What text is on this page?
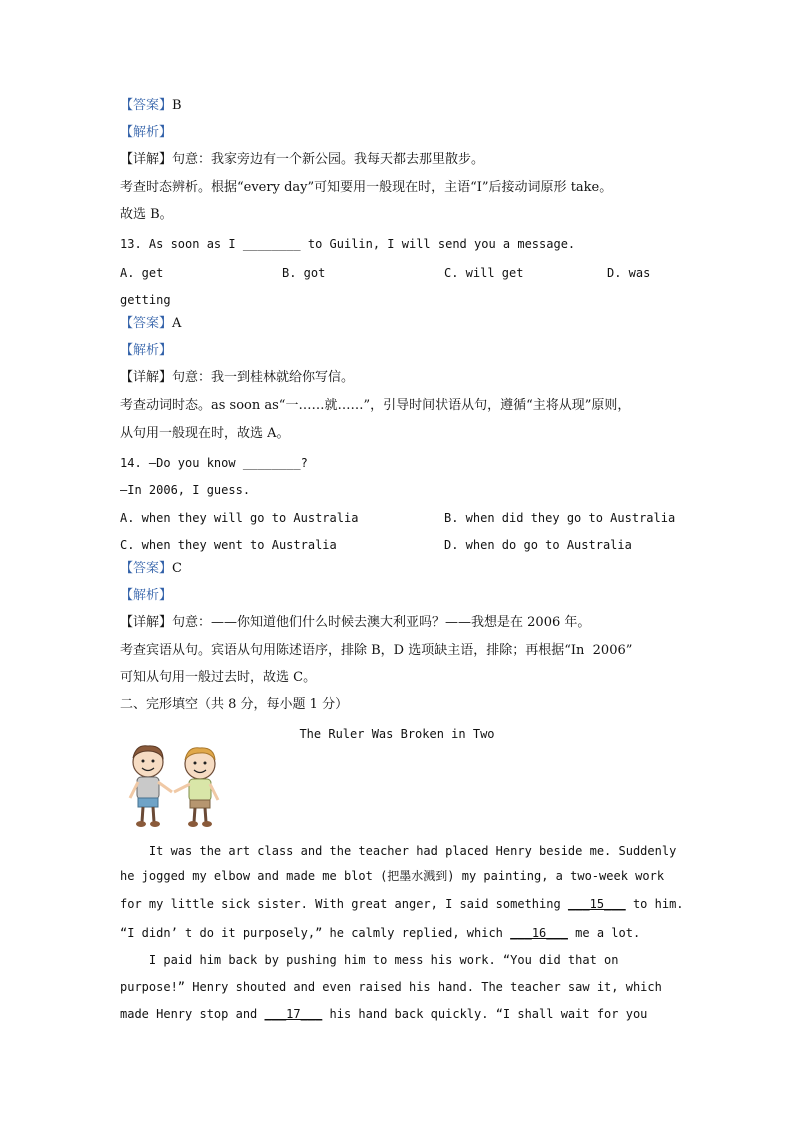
【答案】B
【解析】
【详解】句意：我家旁边有一个新公园。我每天都去那里散步。
考查时态辨析。根据“every day”可知要用一般现在时，主语“I”后接动词原形 take。
故选 B。
13. As soon as I ________ to Guilin, I will send you a message.
A. get	B. got	C. will get	D. was
getting
【答案】A
【解析】
【详解】句意：我一到桂林就给你写信。
考查动词时态。as soon as“一……就……”，引导时间状语从句，遵循“主将从现”原则，
从句用一般现在时，故选 A。
14. —Do you know ________?
—In 2006, I guess.
A. when they will go to Australia	B. when did they go to Australia
C. when they went to Australia	D. when do go to Australia
【答案】C
【解析】
【详解】句意：——你知道他们什么时候去澳大利亚吗？——我想是在 2006 年。
考查宾语从句。宾语从句用陈述语序，排除 B，D 选项缺主语，排除；再根据“In  2006”
可知从句用一般过去时，故选 C。
二、完形填空（共 8 分，每小题 1 分）
The Ruler Was Broken in Two
It was the art class and the teacher had placed Henry beside me. Suddenly
he jogged my elbow and made me blot (把墨水溅到) my painting, a two-week work
for my little sick sister. With great anger, I said something ___15___ to him.
“I didn’ t do it purposely,” he calmly replied, which ___16___ me a lot.
I paid him back by pushing him to mess his work. “You did that on
purpose!” Henry shouted and even raised his hand. The teacher saw it, which
made Henry stop and ___17___ his hand back quickly. “I shall wait for you
